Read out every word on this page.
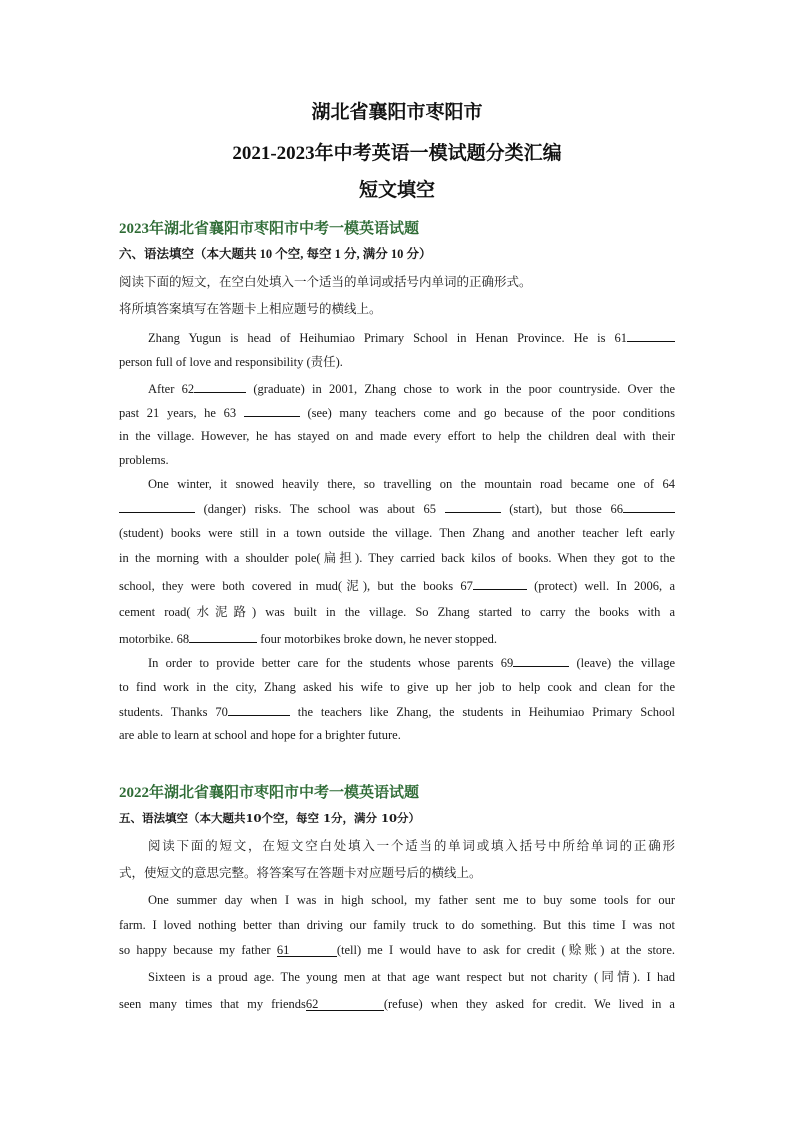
湖北省襄阳市枣阳市
2021-2023年中考英语一模试题分类汇编
短文填空
2023年湖北省襄阳市枣阳市中考一模英语试题
六、语法填空（本大题共 10 个空, 每空 1 分, 满分 10 分）
阅读下面的短文，在空白处填入一个适当的单词或括号内单词的正确形式。
将所填答案填写在答题卡上相应题号的横线上。
Zhang Yugun is head of Heihumiao Primary School in Henan Province. He is 61
person full of love and responsibility (责任).
After 62	(graduate) in 2001, Zhang chose to work in the poor countryside. Over the
past 21 years, he 63	(see) many teachers come and go because of the poor conditions
in the village. However, he has stayed on and made every effort to help the children deal with their
problems.
One winter, it snowed heavily there, so travelling on the mountain road became one of 64
(danger) risks. The school was about 65	(start), but those 66
(student) books were still in a town outside the village. Then Zhang and another teacher left early
in the morning with a shoulder pole(扁担). They carried back kilos of books. When they got to the
school, they were both covered in mud(泥), but the books 67	(protect) well. In 2006, a
cement road(水泥路) was built in the village. So Zhang started to carry the books with a
motorbike. 68	four motorbikes broke down, he never stopped.
In order to provide better care for the students whose parents 69	(leave) the village
to find work in the city, Zhang asked his wife to give up her job to help cook and clean for the
students. Thanks 70	the teachers like Zhang, the students in Heihumiao Primary School
are able to learn at school and hope for a brighter future.
2022年湖北省襄阳市枣阳市中考一模英语试题
五、语法填空（本大题共10个空，每空 1分，满分 10分）
阅读下面的短文，在短文空白处填入一个适当的单词或填入括号中所给单词的正确形
式，使短文的意思完整。将答案写在答题卡对应题号后的横线上。
One summer day when I was in high school, my father sent me to buy some tools for our
farm. I loved nothing better than driving our family truck to do something. But this time I was not
so happy because my father 61	(tell) me I would have to ask for credit (赊账) at the store.
Sixteen is a proud age. The young men at that age want respect but not charity (同情). I had
seen many times that my friends62	(refuse) when they asked for credit. We lived in a
